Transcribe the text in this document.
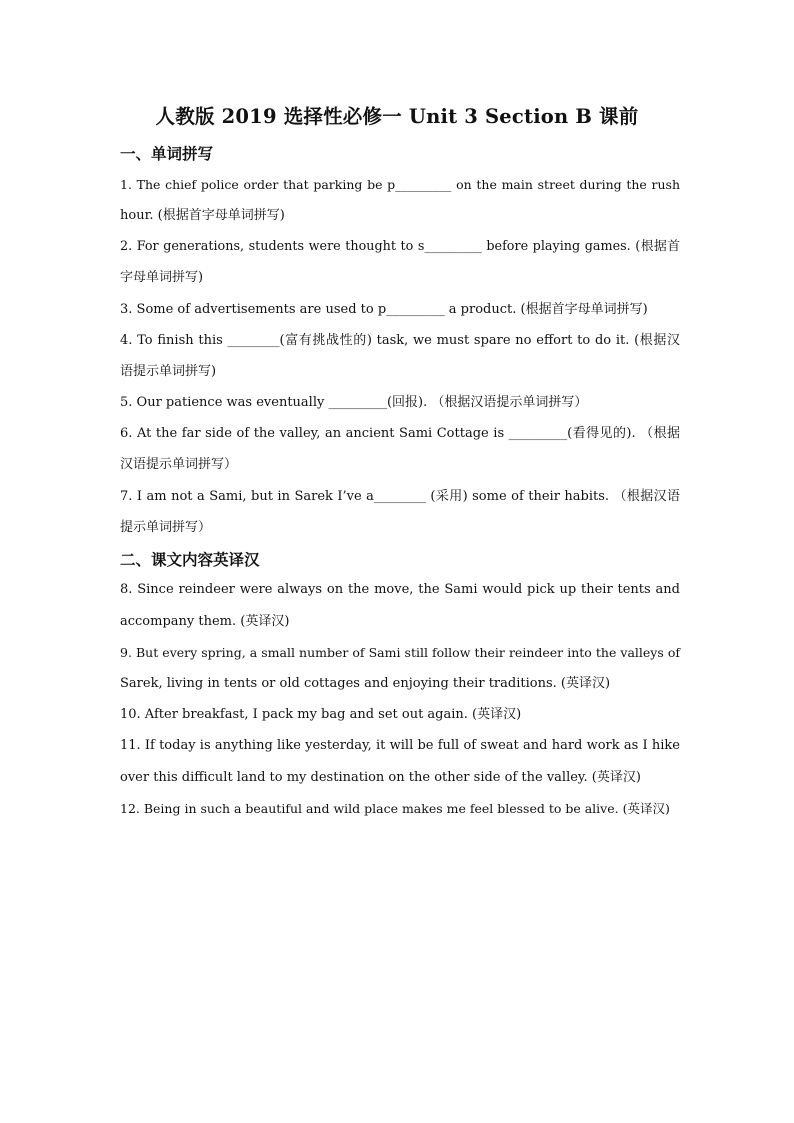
人教版 2019 选择性必修一 Unit 3 Section B 课前
一、单词拼写
1. The chief police order that parking be p_________ on the main street during the rush
hour. (根据首字母单词拼写)
2. For generations, students were thought to s_________ before playing games. (根据首
字母单词拼写)
3. Some of advertisements are used to p_________ a product. (根据首字母单词拼写)
4. To finish this ________(富有挑战性的) task, we must spare no effort to do it. (根据汉
语提示单词拼写)
5. Our patience was eventually _________(回报). （根据汉语提示单词拼写）
6. At the far side of the valley, an ancient Sami Cottage is _________(看得见的). （根据
汉语提示单词拼写）
7. I am not a Sami, but in Sarek I’ve a________ (采用) some of their habits. （根据汉语
提示单词拼写）
二、课文内容英译汉
8. Since reindeer were always on the move, the Sami would pick up their tents and
accompany them. (英译汉)
9. But every spring, a small number of Sami still follow their reindeer into the valleys of
Sarek, living in tents or old cottages and enjoying their traditions. (英译汉)
10. After breakfast, I pack my bag and set out again. (英译汉)
11. If today is anything like yesterday, it will be full of sweat and hard work as I hike
over this difficult land to my destination on the other side of the valley. (英译汉)
12. Being in such a beautiful and wild place makes me feel blessed to be alive. (英译汉)
